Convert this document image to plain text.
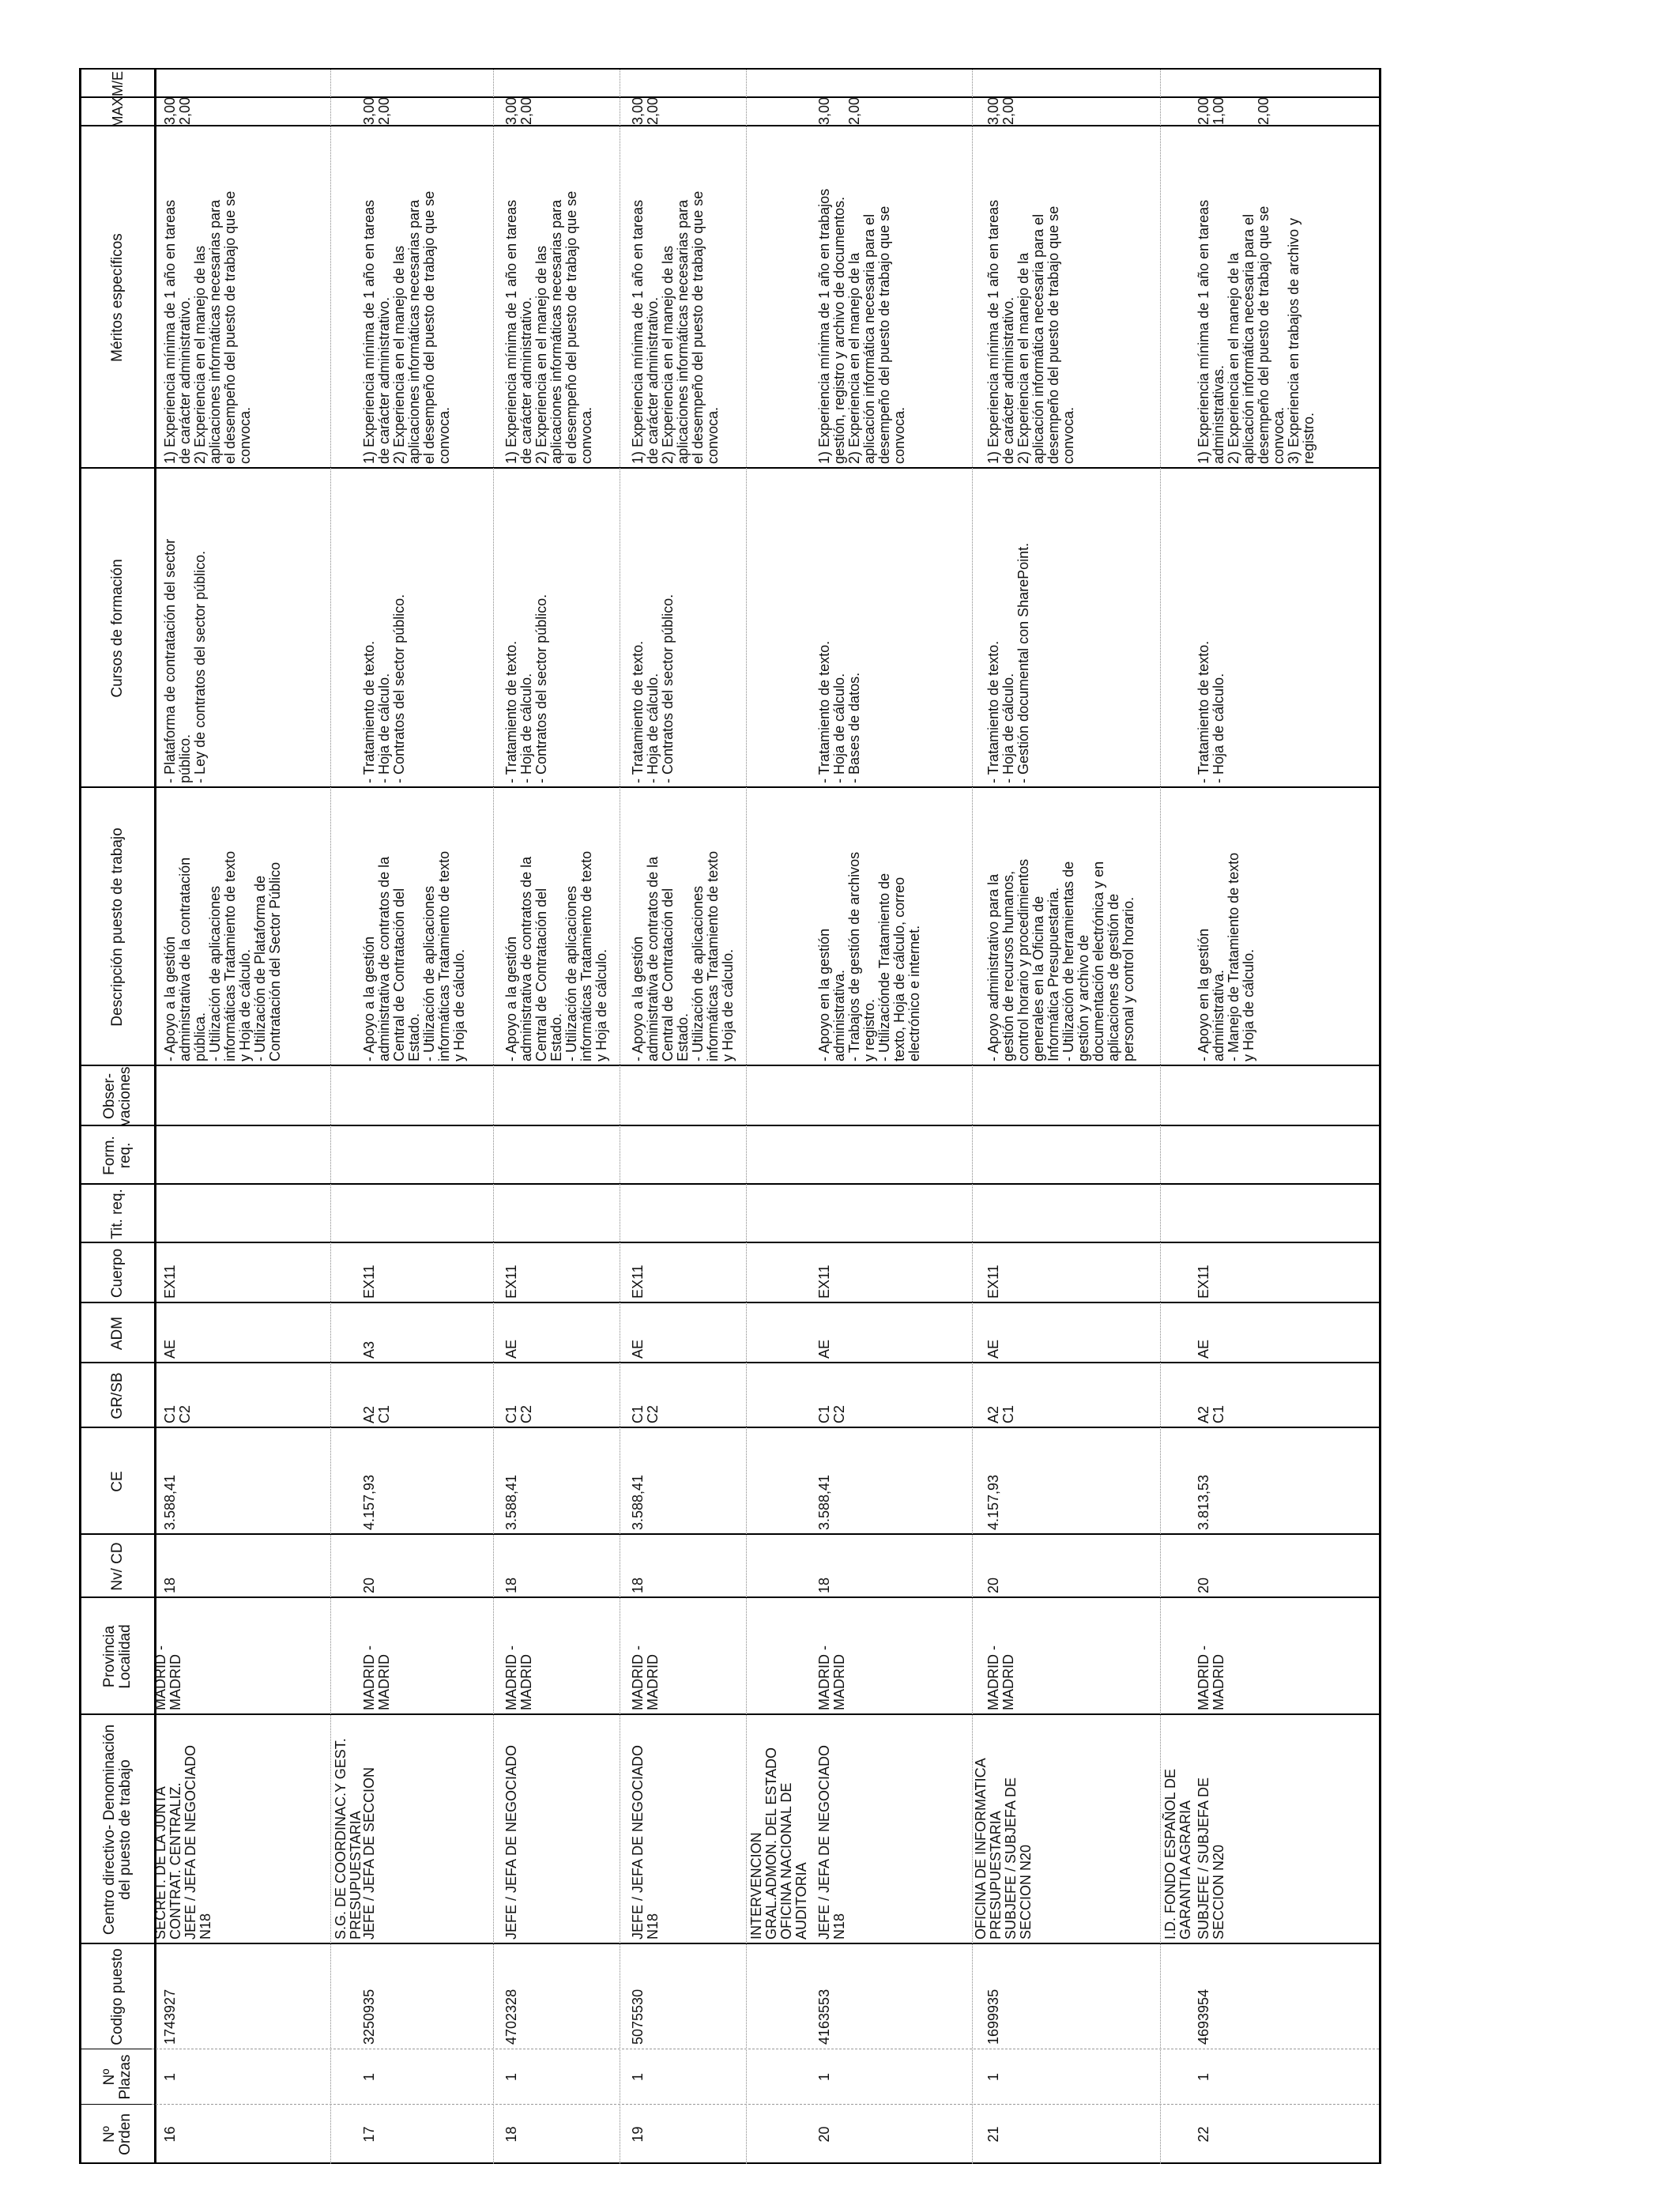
Nº Orden
Nº Plazas
Codigo puesto
Centro directivo- Denominación del puesto de trabajo
Provincia Localidad
Nv/ CD
CE
GR/SB
ADM
Cuerpo
Tit. req.
Form. req.
Obser- vaciones
Descripción puesto de trabajo
Cursos de formación
Méritos específicos
MAX
M/E
16
1
1743927
SECRET. DE LA JUNTA
CONTRAT. CENTRALIZ.
JEFE / JEFA DE NEGOCIADO
N18
MADRID -
MADRID
18
3.588,41
C1
C2
AE
EX11
- Apoyo a la gestión
administrativa de la contratación
pública.
- Utilización de aplicaciones
informáticas Tratamiento de texto
y Hoja de cálculo.
- Utilización de Plataforma de
Contratación del Sector Público
- Plataforma de contratación del sector
público.
- Ley de contratos del sector público.
1) Experiencia mínima de 1 año en tareas
de carácter administrativo.
2) Experiencia en el manejo de las
aplicaciones informáticas necesarias para
el desempeño del puesto de trabajo que se
convoca.
3,00
2,00
S.G. DE COORDINAC.Y GEST.
PRESUPUESTARIA
17
1
3250935
JEFE / JEFA DE SECCION
MADRID -
MADRID
20
4.157,93
A2
C1
A3
EX11
- Apoyo a la gestión
administrativa de contratos de la
Central de Contratación del
Estado.
- Utilización de aplicaciones
informáticas Tratamiento de texto
y Hoja de cálculo.
- Tratamiento de texto.
- Hoja de cálculo.
- Contratos del sector público.
1) Experiencia mínima de 1 año en tareas
de carácter administrativo.
2) Experiencia en el manejo de las
aplicaciones informáticas necesarias para
el desempeño del puesto de trabajo que se
convoca.
3,00
2,00
18
1
4702328
JEFE / JEFA DE NEGOCIADO
MADRID -
MADRID
18
3.588,41
C1
C2
AE
EX11
- Apoyo a la gestión
administrativa de contratos de la
Central de Contratación del
Estado.
- Utilización de aplicaciones
informáticas Tratamiento de texto
y Hoja de cálculo.
- Tratamiento de texto.
- Hoja de cálculo.
- Contratos del sector público.
1) Experiencia mínima de 1 año en tareas
de carácter administrativo.
2) Experiencia en el manejo de las
aplicaciones informáticas necesarias para
el desempeño del puesto de trabajo que se
convoca.
3,00
2,00
19
1
5075530
JEFE / JEFA DE NEGOCIADO
N18
MADRID -
MADRID
18
3.588,41
C1
C2
AE
EX11
- Apoyo a la gestión
administrativa de contratos de la
Central de Contratación del
Estado.
- Utilización de aplicaciones
informáticas Tratamiento de texto
y Hoja de cálculo.
- Tratamiento de texto.
- Hoja de cálculo.
- Contratos del sector público.
1) Experiencia mínima de 1 año en tareas
de carácter administrativo.
2) Experiencia en el manejo de las
aplicaciones informáticas necesarias para
el desempeño del puesto de trabajo que se
convoca.
3,00
2,00
INTERVENCION
GRAL.ADMON. DEL ESTADO
OFICINA NACIONAL DE
AUDITORIA
20
1
4163553
JEFE / JEFA DE NEGOCIADO
N18
MADRID -
MADRID
18
3.588,41
C1
C2
AE
EX11
- Apoyo en la gestión
administrativa.
- Trabajos de gestión de archivos
y registro.
- Utilizaciónde Tratamiento de
texto, Hoja de cálculo, correo
electrónico e internet.
- Tratamiento de texto.
- Hoja de cálculo.
- Bases de datos.
1) Experiencia mínima de 1 año en trabajos
gestión, registro y archivo de documentos.
2) Experiencia en el manejo de la
aplicación informática necesaria para el
desempeño del puesto de trabajo que se
convoca.
3,00

2,00
OFICINA DE INFORMATICA
PRESUPUESTARIA
21
1
1699935
SUBJEFE / SUBJEFA DE
SECCION N20
MADRID -
MADRID
20
4.157,93
A2
C1
AE
EX11
- Apoyo administrativo para la
gestión de recursos humanos,
control horario y procedimientos
generales en la Oficina de
Informática Presupuestaria.
- Utilización de herramientas de
gestión y archivo de
documentación electrónica y en
aplicaciones de gestión de
personal y control horario.
- Tratamiento de texto.
- Hoja de cálculo.
- Gestión documental con SharePoint.
1) Experiencia mínima de 1 año en tareas
de carácter administrativo.
2) Experiencia en el manejo de la
aplicación informática necesaria para el
desempeño del puesto de trabajo que se
convoca.
3,00
2,00
I.D. FONDO ESPAÑOL DE
GARANTIA AGRARIA
22
1
4693954
SUBJEFE / SUBJEFA DE
SECCION N20
MADRID -
MADRID
20
3.813,53
A2
C1
AE
EX11
- Apoyo en la gestión
administrativa.
- Manejo de Tratamiento de texto
y Hoja de cálculo.
- Tratamiento de texto.
- Hoja de cálculo.
1) Experiencia mínima de 1 año en tareas
administrativas.
2) Experiencia en el manejo de la
aplicación informática necesaria para el
desempeño del puesto de trabajo que se
convoca.
3) Experiencia en trabajos de archivo y
registro.
2,00
1,00

2,00
